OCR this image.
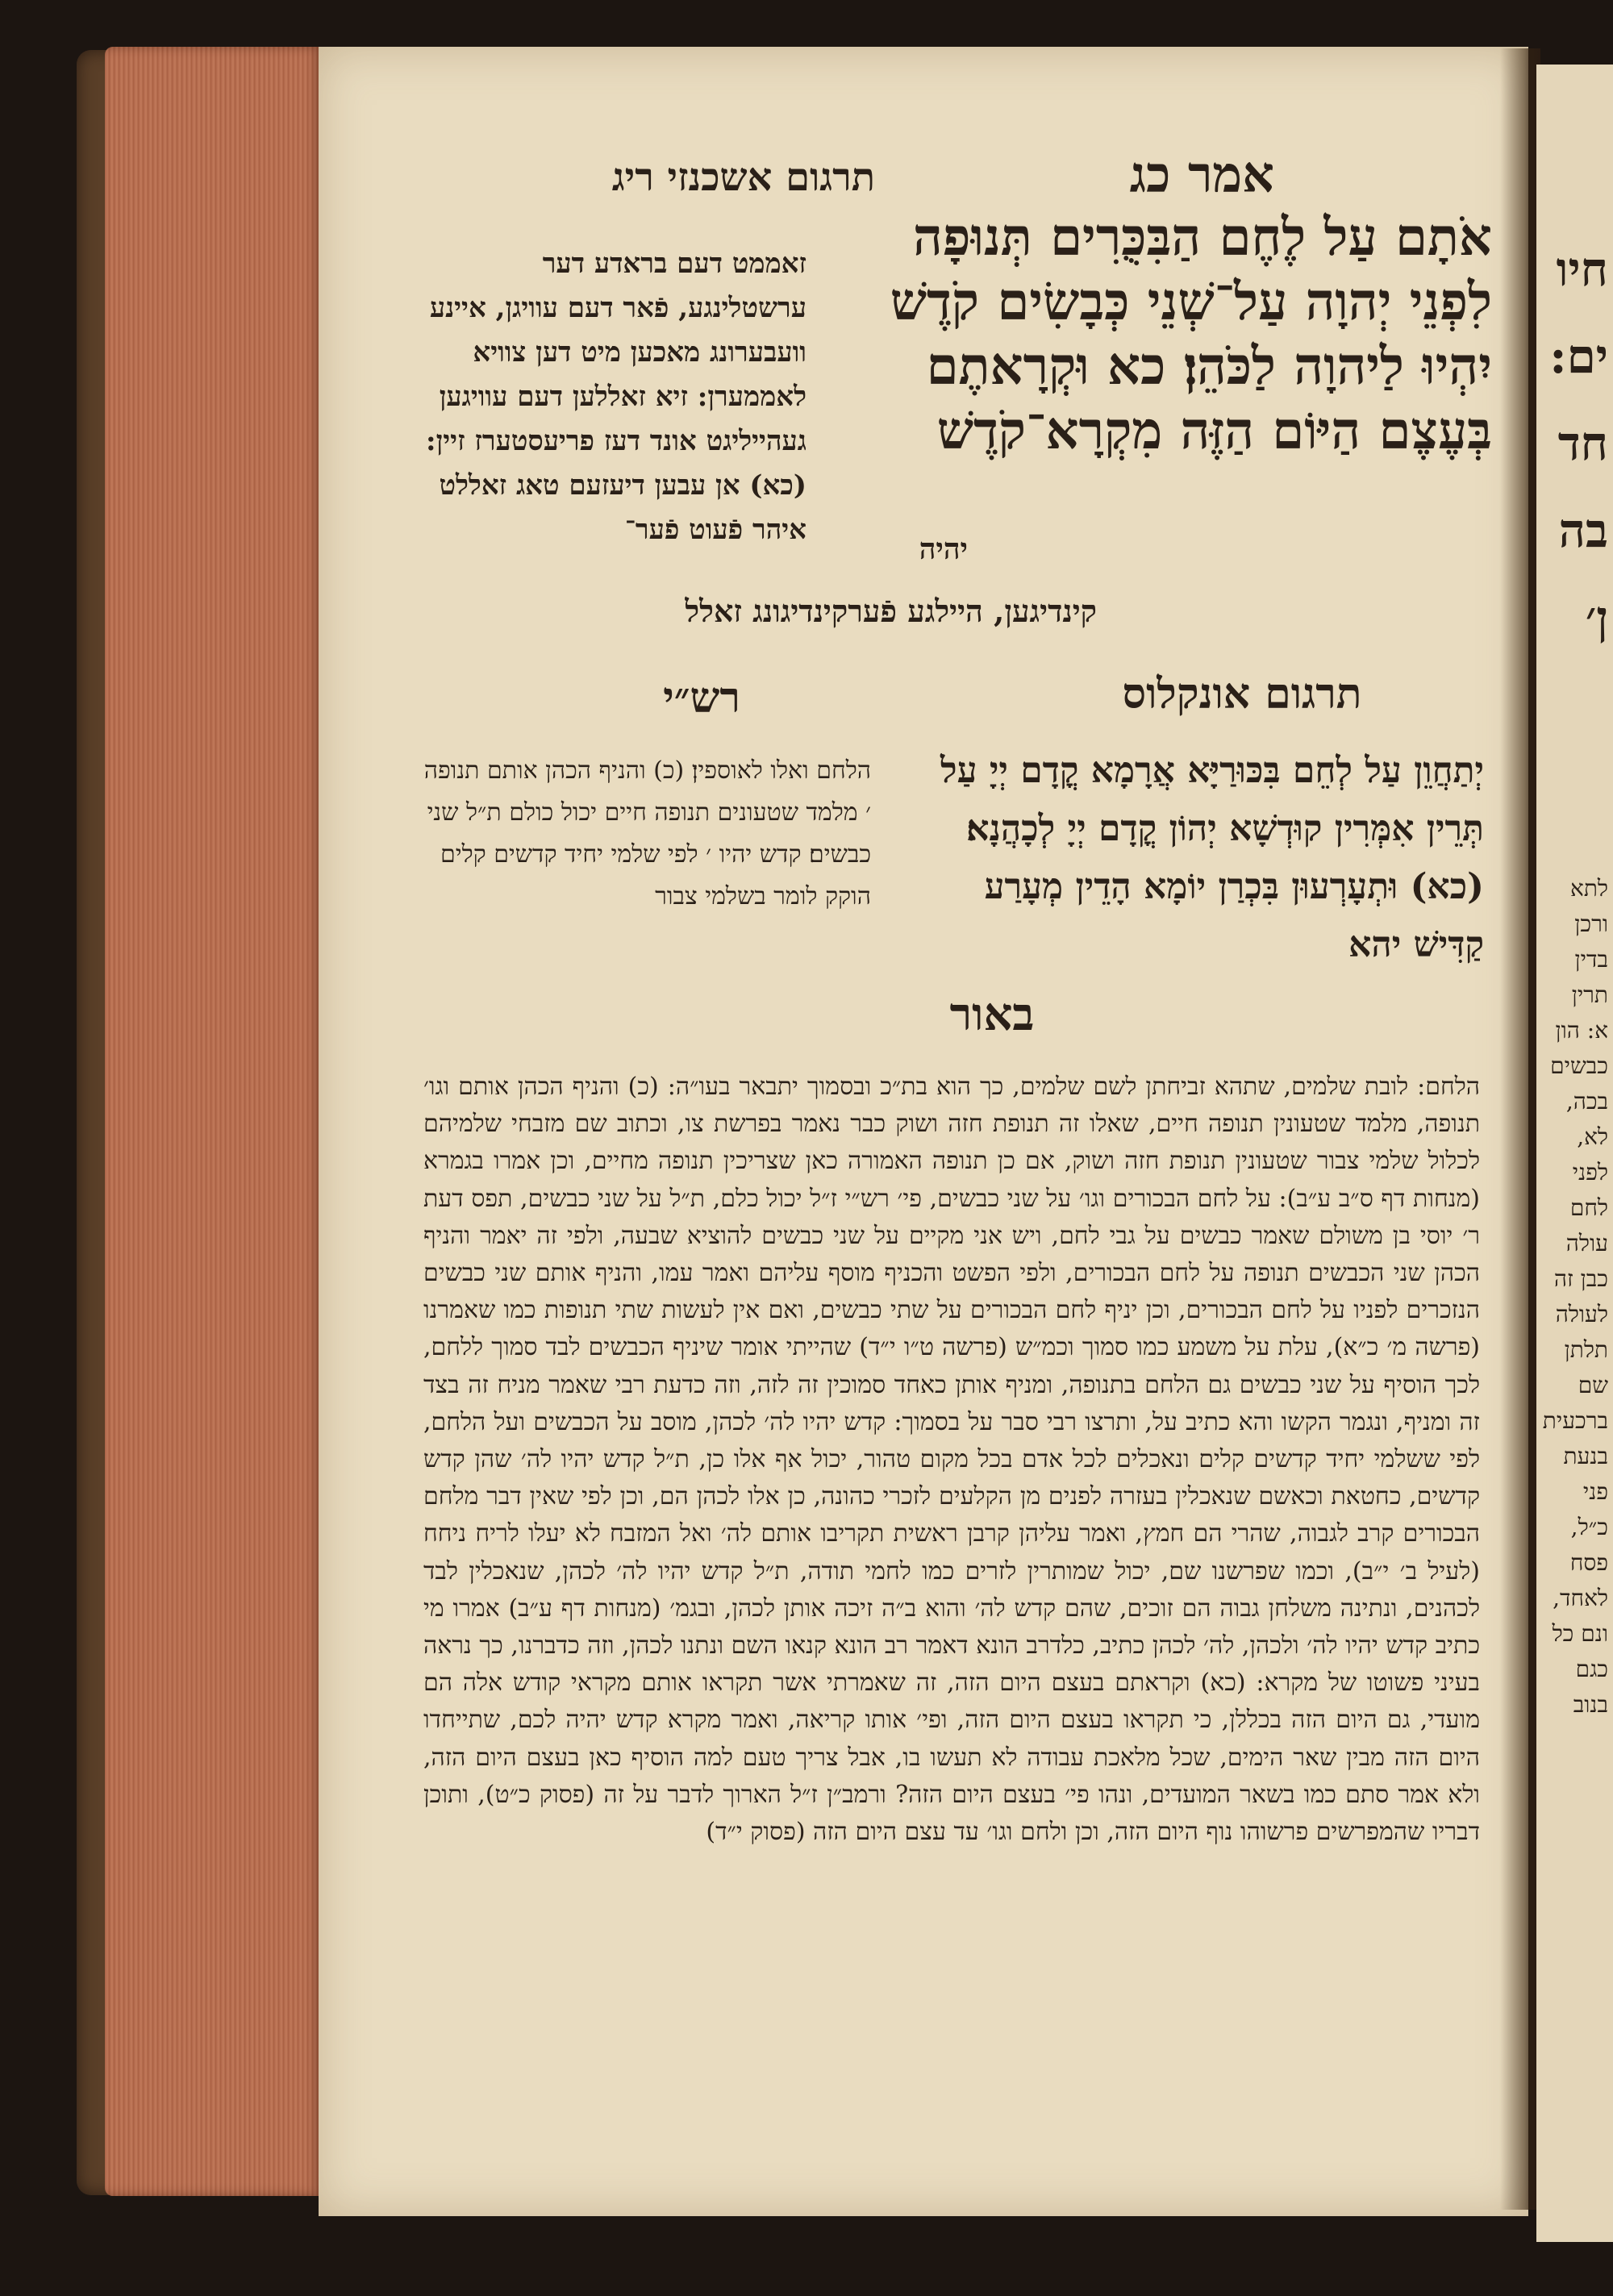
אמר כג
תרגום אשכנזי ריג
אֹתָם עַל לֶחֶם הַבִּכֻּרִים תְּנוּפָה לִפְנֵי יְהוָה עַל־שְׁנֵי כְּבָשִׂים קֹדֶשׁ יִהְיוּ לַיהוָה לַכֹּהֵן׃ כא וּקְרָאתֶם בְּעֶצֶם הַיּוֹם הַזֶּה מִקְרָא־קֹדֶשׁ
יהיה
זאממט דעם בראדע דער ערשטלינגע, פֿאר דעם עוויגן, איינע וועבערונג מאכען מיט דען צוויא לאממערן: זיא זאללען דעם עוויגען געהייליגט אונד דעז פריעסטערז זיין: (כא) אן עבען דיעזעם טאג זאללט איהר פֿעוט פֿער־
קינדיגען, היילגע פֿערקינדיגונג זאלל
תרגום אונקלוס
רש״י
יְתַחֲוֵן עַל לְחֵם בִּכּוּרַיָּא אֲרָמָא קֳדָם יְיָ עַל תְּרֵין אִמְּרִין קוּדְשָׁא יְהוֹן קֳדָם יְיָ לְכָהֲנָא׃ (כא) וּתְעָרְעוּן בִּכְרַן יוֹמָא הָדֵין מְעָרַע קַדִּישׁ יהא
הלחם ואלו לאוספין׃ (כ) והניף הכהן אותם תנופה ׳ מלמד שטעונים תנופה חיים יכול כולם ת״ל שני כבשים׃ קדש יהיו ׳ לפי שלמי יחיד קדשים קלים הוקק לומר בשלמי צבור
באור
הלחם: לובת שלמים, שתהא זביחתן לשם שלמים, כך הוא בת״כ ובסמוך יתבאר בעו״ה: (כ) והניף הכהן אותם וגו׳ תנופה, מלמד שטעונין תנופה חיים, שאלו זה תנופת חזה ושוק כבר נאמר בפרשת צו, וכתוב שם מזבחי שלמיהם לכלול שלמי צבור שטעונין תנופת חזה ושוק, אם כן תנופה האמורה כאן שצריכין תנופה מחיים, וכן אמרו בגמרא (מנחות דף ס״ב ע״ב): על לחם הבכורים וגו׳ על שני כבשים, פי׳ רש״י ז״ל יכול כלם, ת״ל על שני כבשים, תפס דעת ר׳ יוסי בן משולם שאמר כבשים על גבי לחם, ויש אני מקיים על שני כבשים להוציא שבעה, ולפי זה יאמר והניף הכהן שני הכבשים תנופה על לחם הבכורים, ולפי הפשט והכניף מוסף עליהם ואמר עמו, והניף אותם שני כבשים הנזכרים לפניו על לחם הבכורים, וכן יניף לחם הבכורים על שתי כבשים, ואם אין לעשות שתי תנופות כמו שאמרנו (פרשה מ׳ כ״א), עלת על משמע כמו סמוך וכמ״ש (פרשה ט״ו י״ד) שהייתי אומר שיניף הכבשים לבד סמוך ללחם, לכך הוסיף על שני כבשים גם הלחם בתנופה, ומניף אותן כאחד סמוכין זה לזה, וזה כדעת רבי שאמר מניח זה בצד זה ומניף, ונגמר הקשו והא כתיב על, ותרצו רבי סבר על בסמוך: קדש יהיו לה׳ לכהן, מוסב על הכבשים ועל הלחם, לפי ששלמי יחיד קדשים קלים ונאכלים לכל אדם בכל מקום טהור, יכול אף אלו כן, ת״ל קדש יהיו לה׳ שהן קדש קדשים, כחטאת וכאשם שנאכלין בעזרה לפנים מן הקלעים לזכרי כהונה, כן אלו לכהן הם, וכן לפי שאין דבר מלחם הבכורים קרב לגבוה, שהרי הם חמץ, ואמר עליהן קרבן ראשית תקריבו אותם לה׳ ואל המזבח לא יעלו לריח ניחח (לעיל ב׳ י״ב), וכמו שפרשנו שם, יכול שמותרין לזרים כמו לחמי תודה, ת״ל קדש יהיו לה׳ לכהן, שנאכלין לבד לכהנים, ונתינה משלחן גבוה הם זוכים, שהם קדש לה׳ והוא ב״ה זיכה אותן לכהן, ובגמ׳ (מנחות דף ע״ב) אמרו מי כתיב קדש יהיו לה׳ ולכהן, לה׳ לכהן כתיב, כלדרב הונא דאמר רב הונא קנאו השם ונתנו לכהן, וזה כדברנו, כך נראה בעיני פשוטו של מקרא: (כא) וקראתם בעצם היום הזה, זה שאמרתי אשר תקראו אותם מקראי קודש אלה הם מועדי, גם היום הזה בכללן, כי תקראו בעצם היום הזה, ופי׳ אותו קריאה, ואמר מקרא קדש יהיה לכם, שתייחדו היום הזה מבין שאר הימים, שכל מלאכת עבודה לא תעשו בו, אבל צריך טעם למה הוסיף כאן בעצם היום הזה, ולא אמר סתם כמו בשאר המועדים, ונהו פי׳ בעצם היום הזה? ורמב״ן ז״ל הארוך לדבר על זה (פסוק כ״ט), ותוכן דבריו שהמפרשים פרשוהו נוף היום הזה, וכן ולחם וגו׳ עד עצם היום הזה (פסוק י״ד)
חיו ים: חד בה ן׳
לתא ורכן בדין תרין א: הון כבשים בכה, לא, לפני לחם עולה כבן זה לעולה תלתן שם ברכעית בנעת פני כ״ל, פסח לאחד, ונם כל כגם בנוב
